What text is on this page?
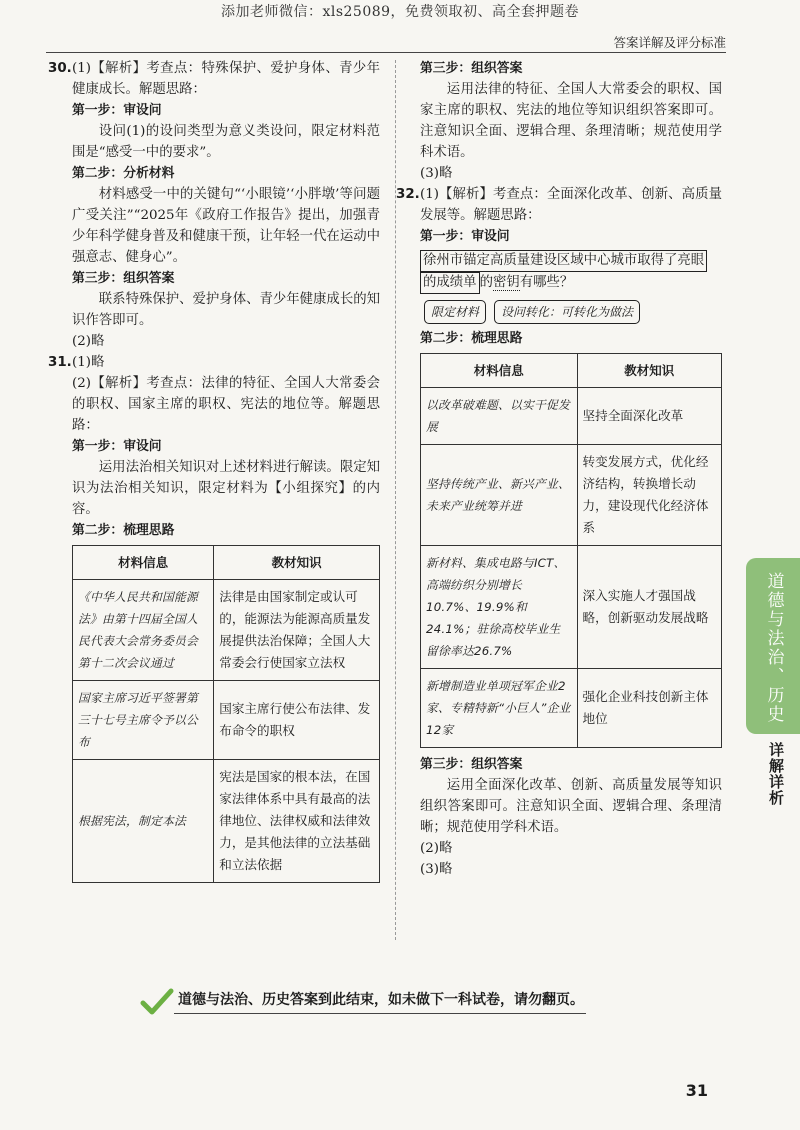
添加老师微信：xls25089，免费领取初、高全套押题卷
答案详解及评分标准
30. (1)【解析】考查点：特殊保护、爱护身体、青少年健康成长。解题思路：

第一步：审设问

设问(1)的设问类型为意义类设问，限定材料范围是“感受一中的要求”。

第二步：分析材料

材料感受一中的关键句“‘小眼镜’‘小胖墩’等问题广受关注”“2025年《政府工作报告》提出，加强青少年科学健身普及和健康干预，让年轻一代在运动中强意志、健身心”。

第三步：组织答案

联系特殊保护、爱护身体、青少年健康成长的知识作答即可。

(2)略

31. (1)略

(2)【解析】考查点：法律的特征、全国人大常委会的职权、国家主席的职权、宪法的地位等。解题思路：

第一步：审设问

运用法治相关知识对上述材料进行解读。限定知识为法治相关知识，限定材料为【小组探究】的内容。

第二步：梳理思路

材料信息	教材知识
《中华人民共和国能源法》由第十四届全国人民代表大会常务委员会第十二次会议通过	法律是由国家制定或认可的，能源法为能源高质量发展提供法治保障；全国人大常委会行使国家立法权
国家主席习近平签署第三十七号主席令予以公布	国家主席行使公布法律、发布命令的职权
根据宪法，制定本法	宪法是国家的根本法，在国家法律体系中具有最高的法律地位、法律权威和法律效力，是其他法律的立法基础和立法依据

第三步：组织答案

运用法律的特征、全国人大常委会的职权、国家主席的职权、宪法的地位等知识组织答案即可。注意知识全面、逻辑合理、条理清晰；规范使用学科术语。

(3)略

32. (1)【解析】考查点：全面深化改革、创新、高质量发展等。解题思路：

第一步：审设问

徐州市锚定高质量建设区域中心城市取得了亮眼
的成绩单 的密钥有哪些？
限定材料	设问转化：可转化为做法

第二步：梳理思路

材料信息	教材知识
以改革破难题、以实干促发展	坚持全面深化改革
坚持传统产业、新兴产业、未来产业统筹并进	转变发展方式，优化经济结构，转换增长动力，建设现代化经济体系
新材料、集成电路与ICT、高端纺织分别增长10.7%、19.9%和24.1%；驻徐高校毕业生留徐率达26.7%	深入实施人才强国战略，创新驱动发展战略
新增制造业单项冠军企业2家、专精特新“小巨人”企业12家	强化企业科技创新主体地位

第三步：组织答案

运用全面深化改革、创新、高质量发展等知识组织答案即可。注意知识全面、逻辑合理、条理清晰；规范使用学科术语。

(2)略

(3)略

道德与法治、历史
详解详析
道德与法治、历史答案到此结束，如未做下一科试卷，请勿翻页。
31
